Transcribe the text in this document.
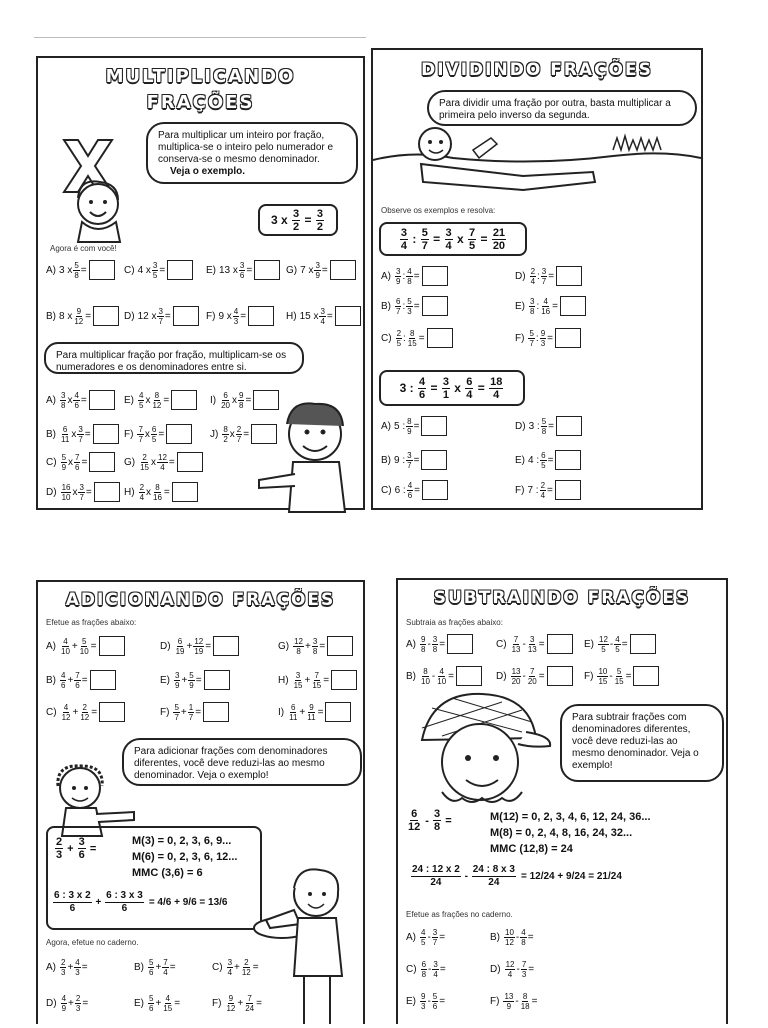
MULTIPLICANDO
FRAÇÕES
Para multiplicar um inteiro por fração, multiplica-se o inteiro pelo numerador e conserva-se o mesmo denominador.
Veja o exemplo.
3 x $\frac{3}{2} = \frac{3}{2}$
Agora é com você!
A) 3 x $\frac{5}{8}$ =	C) 4 x $\frac{3}{5}$ =	E) 13 x $\frac{3}{6}$ =	G) 7 x $\frac{3}{9}$ =
B) 8 x $\frac{9}{12}$ =	D) 12 x $\frac{3}{7}$ =	F) 9 x $\frac{4}{3}$ =	H) 15 x $\frac{3}{4}$ =
Para multiplicar fração por fração, multiplicam-se os numeradores e os denominadores entre si.
$A) \frac{3}{8}$ x $\frac{4}{6}$ =	$E) \frac{4}{5}$ x $\frac{8}{12}$ =	$I) \frac{6}{20}$ x $\frac{9}{8}$ =
$B) \frac{6}{11}$ x $\frac{3}{7}$ =	$F) \frac{7}{7}$ x $\frac{6}{5}$ =	$J) \frac{8}{2}$ x $\frac{2}{7}$ =
$C) \frac{5}{9}$ x $\frac{7}{6}$ =	$G) \frac{2}{15}$ x $\frac{12}{4}$ =
$D) \frac{16}{10}$ x $\frac{3}{7}$ =	$H) \frac{2}{4}$ x $\frac{8}{16}$ =
DIVIDINDO FRAÇÕES
Para dividir uma fração por outra, basta multiplicar a primeira pelo inverso da segunda.
Observe os exemplos e resolva:
$\frac{3}{4}$ : $\frac{5}{7} = \frac{3}{4}$ x $\frac{7}{5} = \frac{21}{20}$
$A) \frac{3}{9}$ : $\frac{4}{8}$ =	$D) \frac{2}{4}$ : $\frac{3}{7}$ =
$B) \frac{6}{7}$ : $\frac{5}{3}$ =	$E) \frac{3}{8}$ : $\frac{4}{16}$ =
$C) \frac{2}{5}$ : $\frac{8}{15}$ =	$F) \frac{5}{7}$ : $\frac{9}{3}$ =
3 : $\frac{4}{6} = \frac{3}{1}$ x $\frac{6}{4} = \frac{18}{4}$
A) 5 : $\frac{8}{9}$ =	D) 3 : $\frac{5}{8}$ =
B) 9 : $\frac{3}{7}$ =	E) 4 : $\frac{6}{5}$ =
C) 6 : $\frac{4}{6}$ =	F) 7 : $\frac{2}{4}$ =
ADICIONANDO FRAÇÕES
Efetue as frações abaixo:
$A) \frac{4}{10} + \frac{5}{10}$ =	$D) \frac{6}{19} + \frac{12}{19}$ =	$G) \frac{12}{8} + \frac{3}{8}$ =
$B) \frac{4}{6} + \frac{7}{6}$ =	$E) \frac{3}{9} + \frac{5}{9}$ =	$H) \frac{3}{15} + \frac{7}{15}$ =
$C) \frac{4}{12} + \frac{2}{12}$ =	$F) \frac{5}{7} + \frac{1}{7}$ =	$I) \frac{6}{11} + \frac{9}{11}$ =
Para adicionar frações com denominadores diferentes, você deve reduzi-las ao mesmo denominador. Veja o exemplo!
$\frac{2}{3} + \frac{3}{6}$ =
M(3) = 0, 2, 3, 6, 9...
M(6) = 0, 2, 3, 6, 12...
MMC (3,6) = 6
$\frac{6 : 3 x 2}{6} + \frac{6 : 3 x 3}{6} = 4/6 + 9/6 = 13/6$
Agora, efetue no caderno.
$A) \frac{2}{3} + \frac{4}{3}$ =	$B) \frac{5}{6} + \frac{7}{4}$ =	$C) \frac{3}{4} + \frac{2}{12}$ =
$D) \frac{4}{9} + \frac{2}{3}$ =	$E) \frac{5}{6} + \frac{4}{15}$ =	$F) \frac{9}{12} + \frac{7}{24}$ =
SUBTRAINDO FRAÇÕES
Subtraia as frações abaixo:
$A) \frac{9}{8} - \frac{3}{8}$ =	$C) \frac{7}{13} - \frac{3}{13}$ =	$E) \frac{12}{5} - \frac{4}{5}$ =
$B) \frac{8}{10} - \frac{4}{10}$ =	$D) \frac{13}{20} - \frac{7}{20}$ =	$F) \frac{10}{15} - \frac{5}{15}$ =
Para subtrair frações com denominadores diferentes, você deve reduzi-las ao mesmo denominador. Veja o exemplo!
$\frac{6}{12} - \frac{3}{8}$ =	M(12) = 0, 2, 3, 4, 6, 12, 24, 36...
M(8) = 0, 2, 4, 8, 16, 24, 32...
MMC (12,8) = 24
$\frac{24 : 12 x 2}{24} - \frac{24 : 8 x 3}{24} = 12/24 + 9/24 = 21/24$
Efetue as frações no caderno.
$A) \frac{4}{5} - \frac{3}{7}$ =	$B) \frac{10}{12} - \frac{4}{8}$ =
$C) \frac{6}{8} - \frac{3}{4}$ =	$D) \frac{12}{4} - \frac{7}{3}$ =
$E) \frac{9}{3} - \frac{5}{6}$ =	$F) \frac{13}{9} - \frac{8}{18}$ =
